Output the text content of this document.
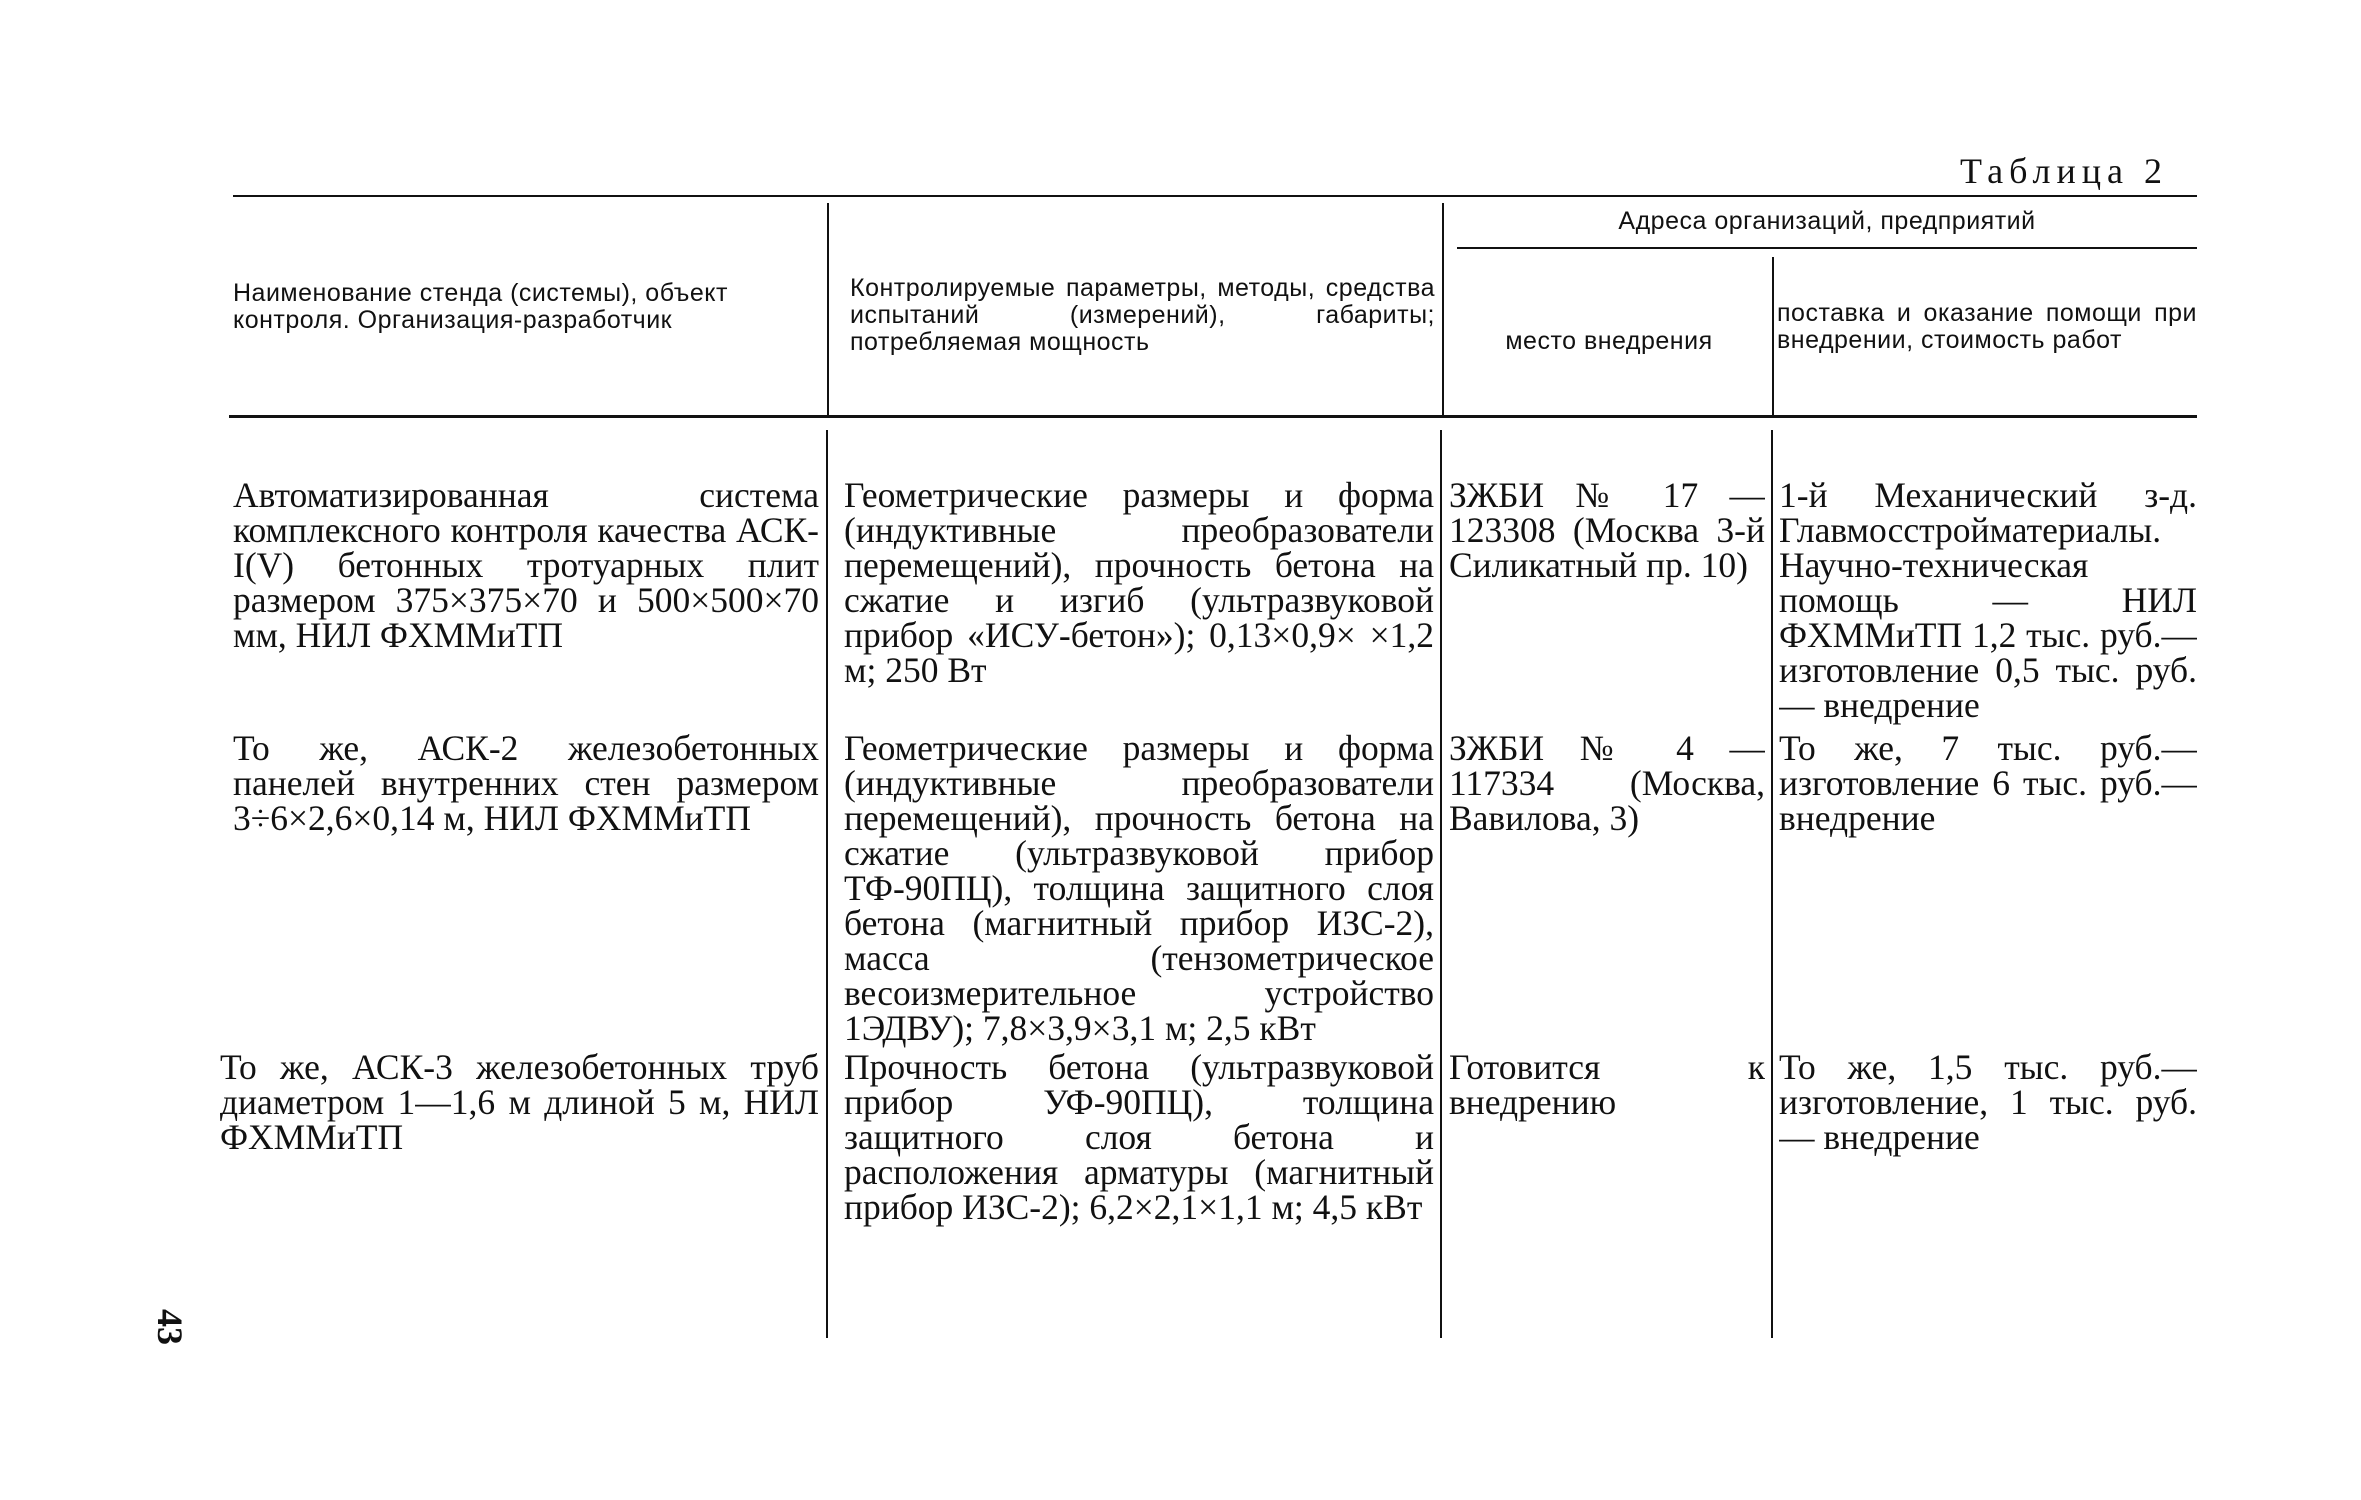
Таблица 2
Наименование стенда (системы), объект контроля. Организация-разработчик
Контролируемые параметры, методы, средства испытаний (измерений), габариты; потребляемая мощность
Адреса организаций, предприятий
место внедрения
поставка и оказание помощи при внедрении, стоимость работ
Автоматизированная система комплексного контроля качества АСК-I(V) бетонных тротуарных плит размером 375×375×70 и 500×500×70 мм, НИЛ ФХММиТП
Геометрические размеры и форма (индуктивные преобразователи перемещений), прочность бетона на сжатие и изгиб (ультразвуковой прибор «ИСУ-бетон»); 0,13×0,9× ×1,2 м; 250 Вт
ЗЖБИ № 17 — 123308 (Москва 3-й Силикатный пр. 10)
1-й Механический з-д. Главмосстройматериалы. Научно-техническая помощь — НИЛ ФХММиТП 1,2 тыс. руб.— изготовление 0,5 тыс. руб. — внедрение
То же, АСК-2 железобетонных панелей внутренних стен размером 3÷6×2,6×0,14 м, НИЛ ФХММиТП
Геометрические размеры и форма (индуктивные преобразователи перемещений), прочность бетона на сжатие (ультразвуковой прибор ТФ-90ПЦ), толщина защитного слоя бетона (магнитный прибор ИЗС-2), масса (тензометрическое весоизмерительное устройство 1ЭДВУ); 7,8×3,9×3,1 м; 2,5 кВт
ЗЖБИ № 4 — 117334 (Москва, Вавилова, 3)
То же, 7 тыс. руб.— изготовление 6 тыс. руб.— внедрение
То же, АСК-3 железобетонных труб диаметром 1—1,6 м длиной 5 м, НИЛ ФХММиТП
Прочность бетона (ультразвуковой прибор УФ-90ПЦ), толщина защитного слоя бетона и расположения арматуры (магнитный прибор ИЗС-2); 6,2×2,1×1,1 м; 4,5 кВт
Готовится к внедрению
То же, 1,5 тыс. руб.— изготовление, 1 тыс. руб. — внедрение
43
